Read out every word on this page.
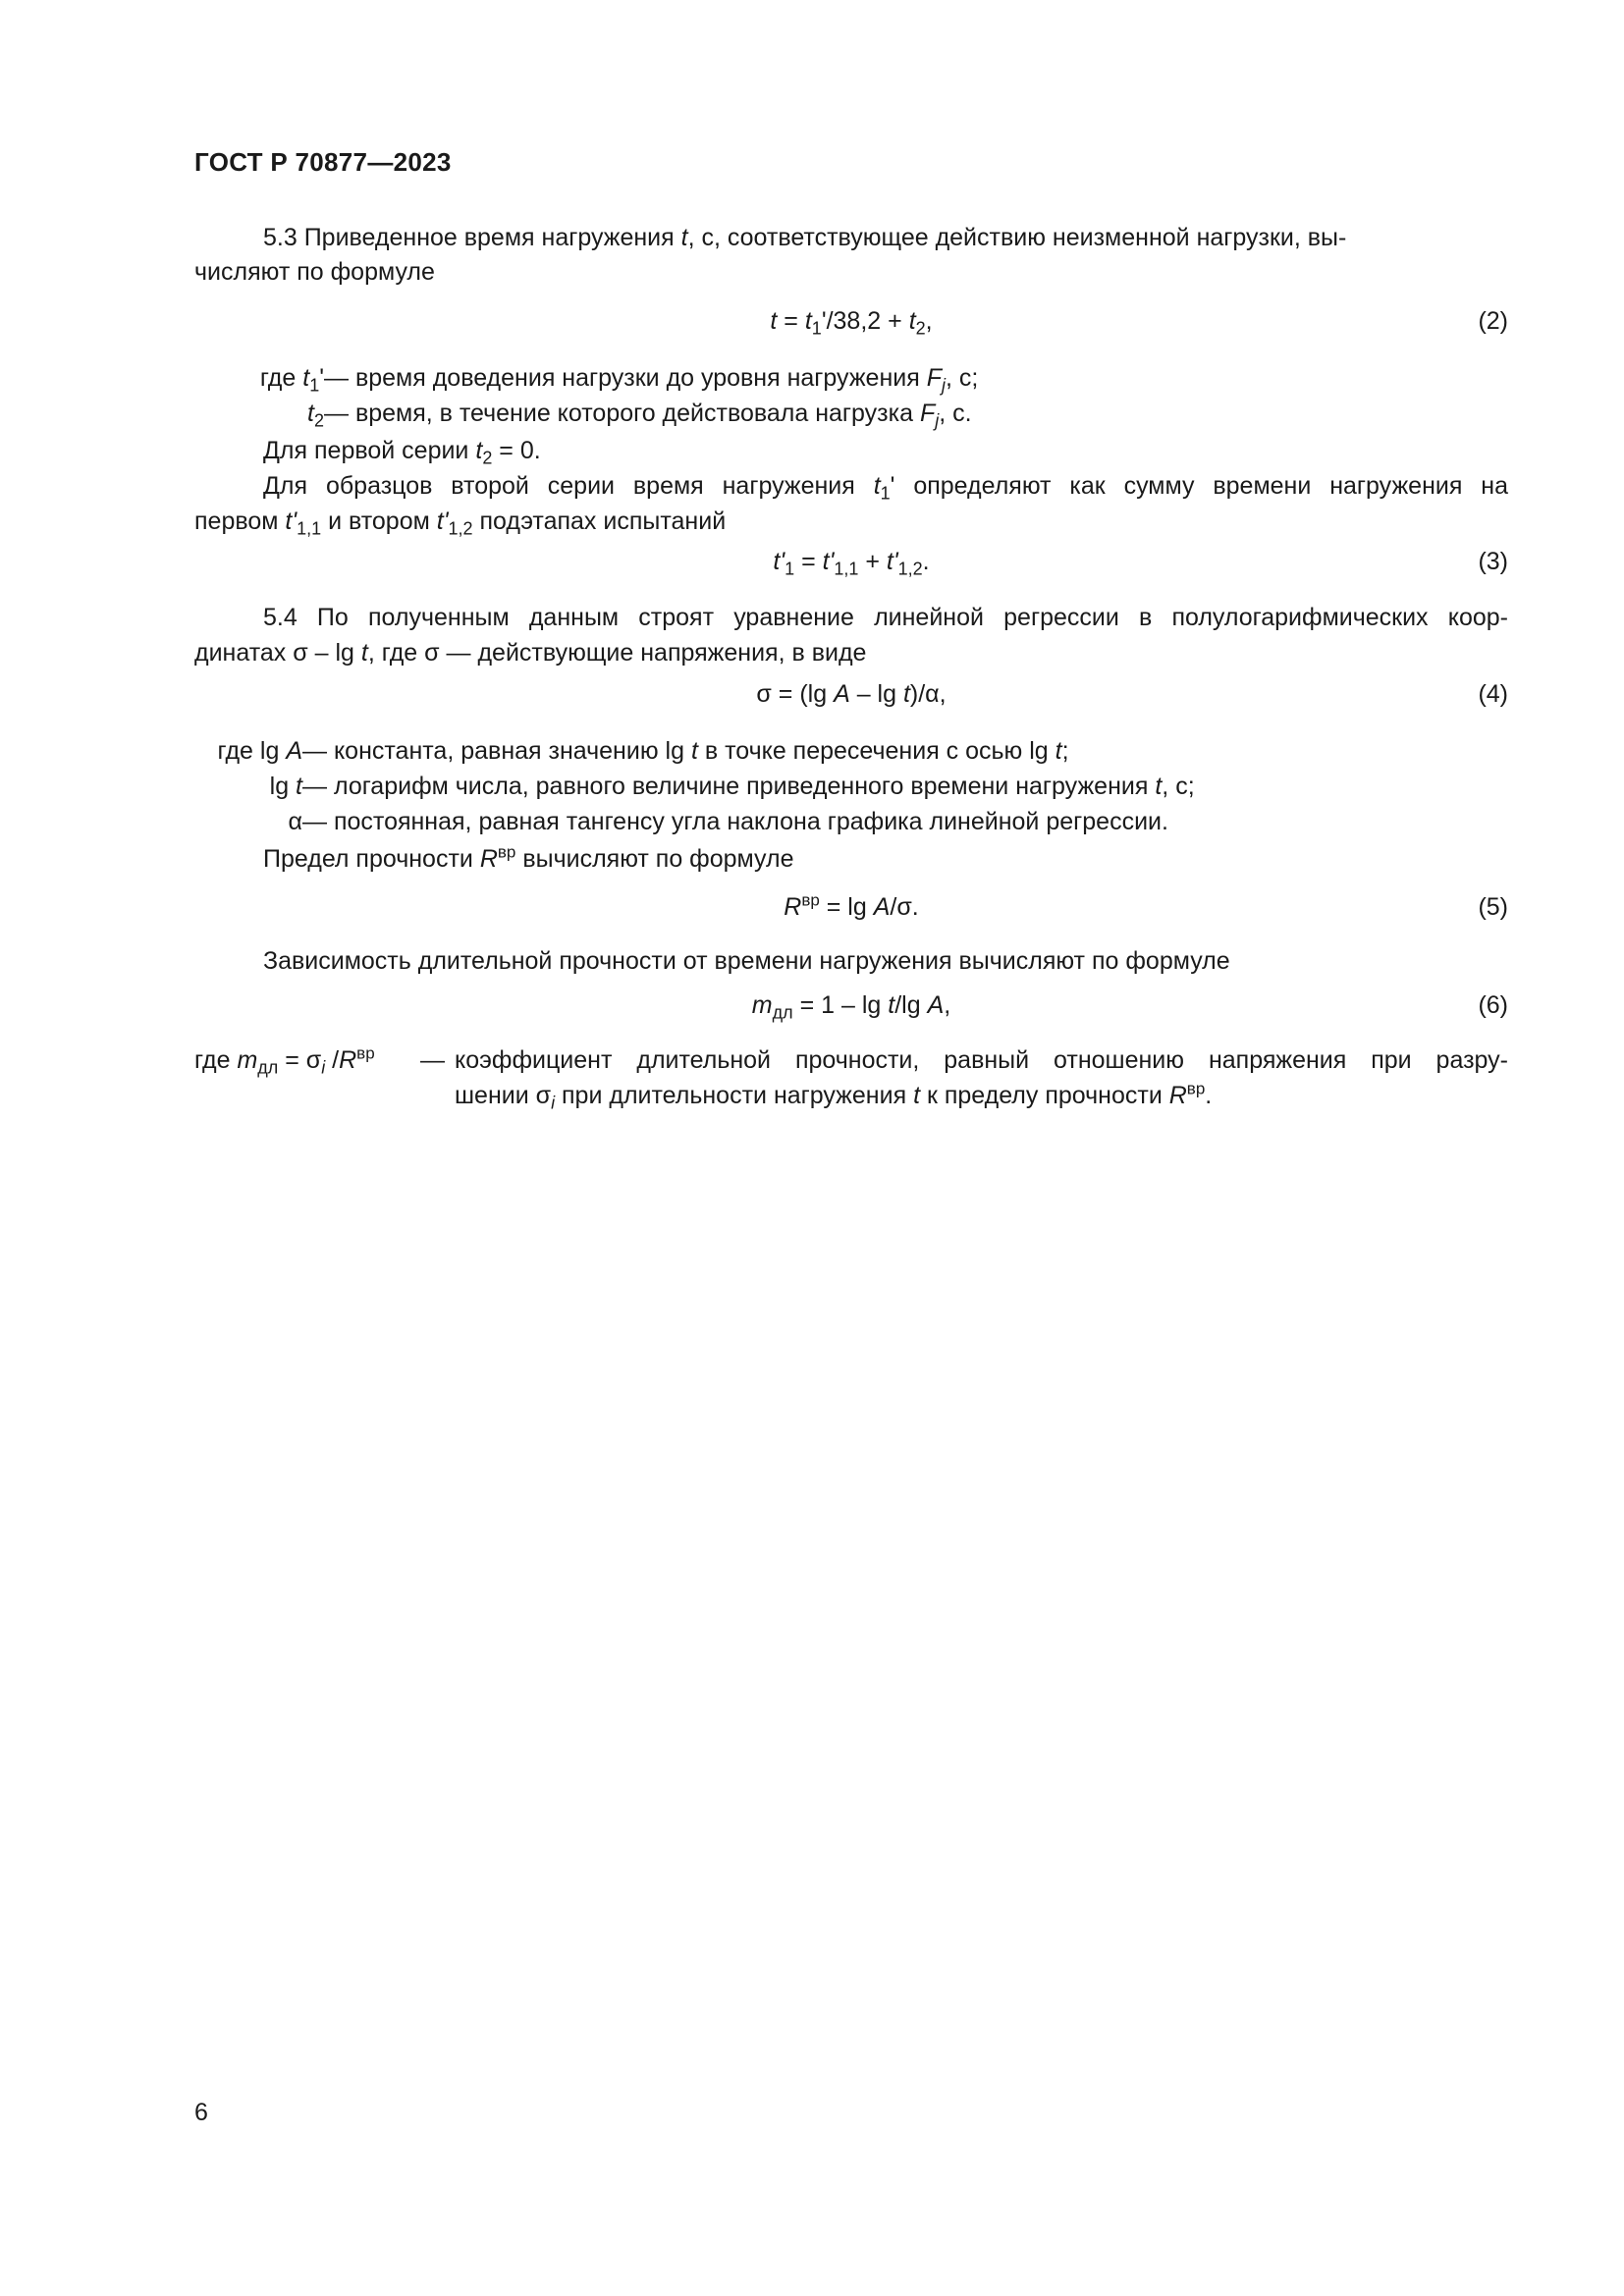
ГОСТ Р 70877—2023
5.3 Приведенное время нагружения t, с, соответствующее действию неизменной нагрузки, вы-

числяют по формуле
$t = t_1'/38,2 + t_2$,	(2)
где $t_1'$ — время доведения нагрузки до уровня нагружения $F_j$, с;
$t_2$ — время, в течение которого действовала нагрузка $F_j$, с.
Для первой серии $t_2 = 0$.
Для образцов второй серии время нагружения $t_1'$ определяют как сумму времени нагружения на
первом $t'_{1,1}$ и втором $t'_{1,2}$ подэтапах испытаний
$t'_1 = t'_{1,1} + t'_{1,2}$.	(3)
5.4 По полученным данным строят уравнение линейной регрессии в полулогарифмических коор-
динатах σ – lg t, где σ — действующие напряжения, в виде
σ = (lg A – lg t)/α,	(4)
где lg A — константа, равная значению lg t в точке пересечения с осью lg t;
lg t — логарифм числа, равного величине приведенного времени нагружения t, с;
α — постоянная, равная тангенсу угла наклона графика линейной регрессии.
Предел прочности $R^{вр}$ вычисляют по формуле
$R^{вр} = \lg A/\sigma$.	(5)
Зависимость длительной прочности от времени нагружения вычисляют по формуле
$m_{дл} = 1 - \lg t/\lg$ A,	(6)
где $m_{дл} = \sigma_i$ $/R^{вр}$	— коэффициент длительной прочности, равный отношению напряжения при разру-
шении $\sigma_i$ при длительности нагружения t к пределу прочности $R^{вр}$.
6
